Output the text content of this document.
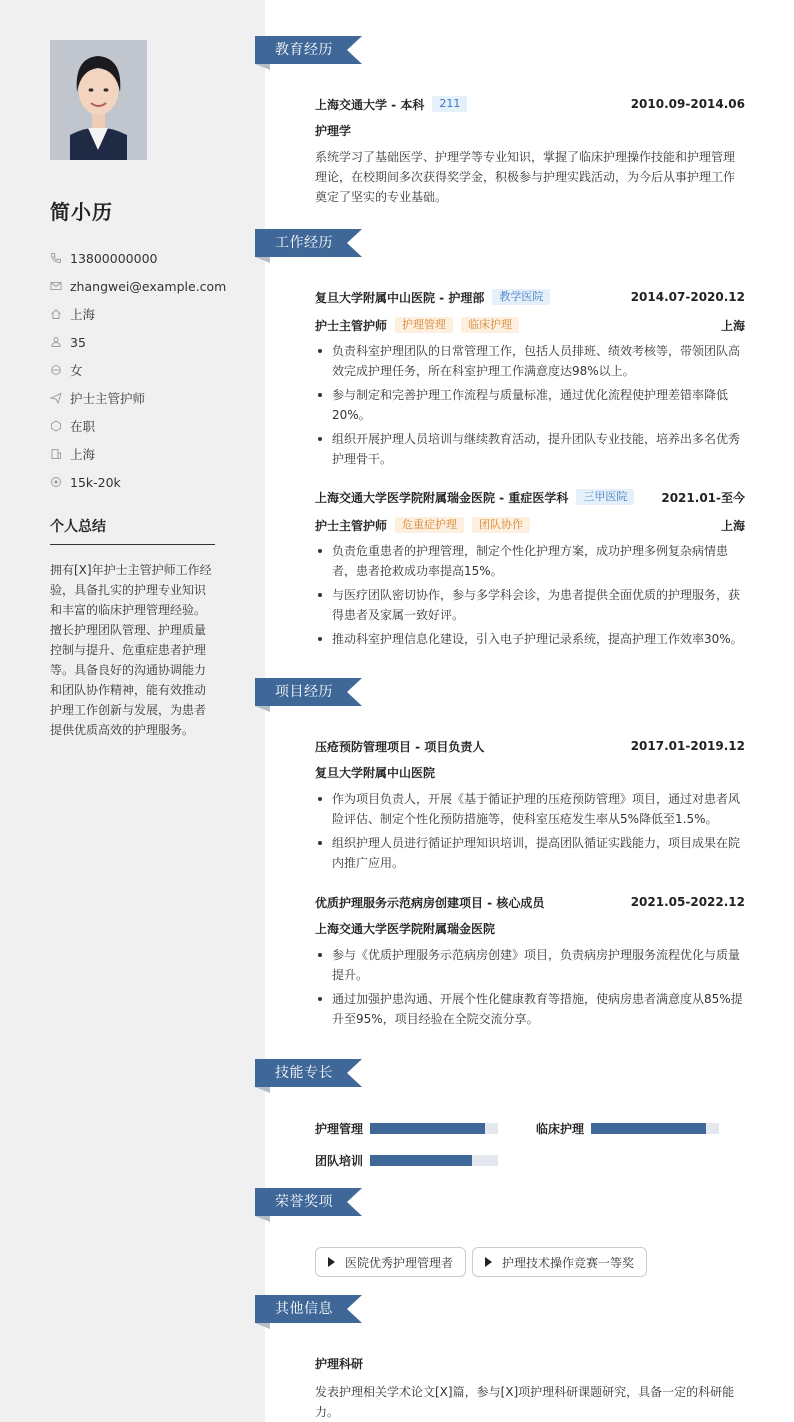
简小历
13800000000
zhangwei@example.com
上海
35
女
护士主管护师
在职
上海
15k-20k
个人总结
拥有[X]年护士主管护师工作经验，具备扎实的护理专业知识和丰富的临床护理管理经验。擅长护理团队管理、护理质量控制与提升、危重症患者护理等。具备良好的沟通协调能力和团队协作精神，能有效推动护理工作创新与发展，为患者提供优质高效的护理服务。
教育经历
工作经历
项目经历
技能专长
荣誉奖项
其他信息
上海交通大学 - 本科	211	2010.09-2014.06
护理学
系统学习了基础医学、护理学等专业知识，掌握了临床护理操作技能和护理管理理论，在校期间多次获得奖学金，积极参与护理实践活动，为今后从事护理工作奠定了坚实的专业基础。
复旦大学附属中山医院 - 护理部	教学医院	2014.07-2020.12
护士主管护师	护理管理	临床护理	上海
负责科室护理团队的日常管理工作，包括人员排班、绩效考核等，带领团队高效完成护理任务，所在科室护理工作满意度达98%以上。
参与制定和完善护理工作流程与质量标准，通过优化流程使护理差错率降低20%。
组织开展护理人员培训与继续教育活动，提升团队专业技能，培养出多名优秀护理骨干。
上海交通大学医学院附属瑞金医院 - 重症医学科	三甲医院	2021.01-至今
护士主管护师	危重症护理	团队协作	上海
负责危重患者的护理管理，制定个性化护理方案，成功护理多例复杂病情患者，患者抢救成功率提高15%。
与医疗团队密切协作，参与多学科会诊，为患者提供全面优质的护理服务，获得患者及家属一致好评。
推动科室护理信息化建设，引入电子护理记录系统，提高护理工作效率30%。
压疮预防管理项目 - 项目负责人	2017.01-2019.12
复旦大学附属中山医院
作为项目负责人，开展《基于循证护理的压疮预防管理》项目，通过对患者风险评估、制定个性化预防措施等，使科室压疮发生率从5%降低至1.5%。
组织护理人员进行循证护理知识培训，提高团队循证实践能力，项目成果在院内推广应用。
优质护理服务示范病房创建项目 - 核心成员	2021.05-2022.12
上海交通大学医学院附属瑞金医院
参与《优质护理服务示范病房创建》项目，负责病房护理服务流程优化与质量提升。
通过加强护患沟通、开展个性化健康教育等措施，使病房患者满意度从85%提升至95%，项目经验在全院交流分享。
护理管理	临床护理
团队培训
医院优秀护理管理者	护理技术操作竞赛一等奖
护理科研
发表护理相关学术论文[X]篇，参与[X]项护理科研课题研究，具备一定的科研能力。
